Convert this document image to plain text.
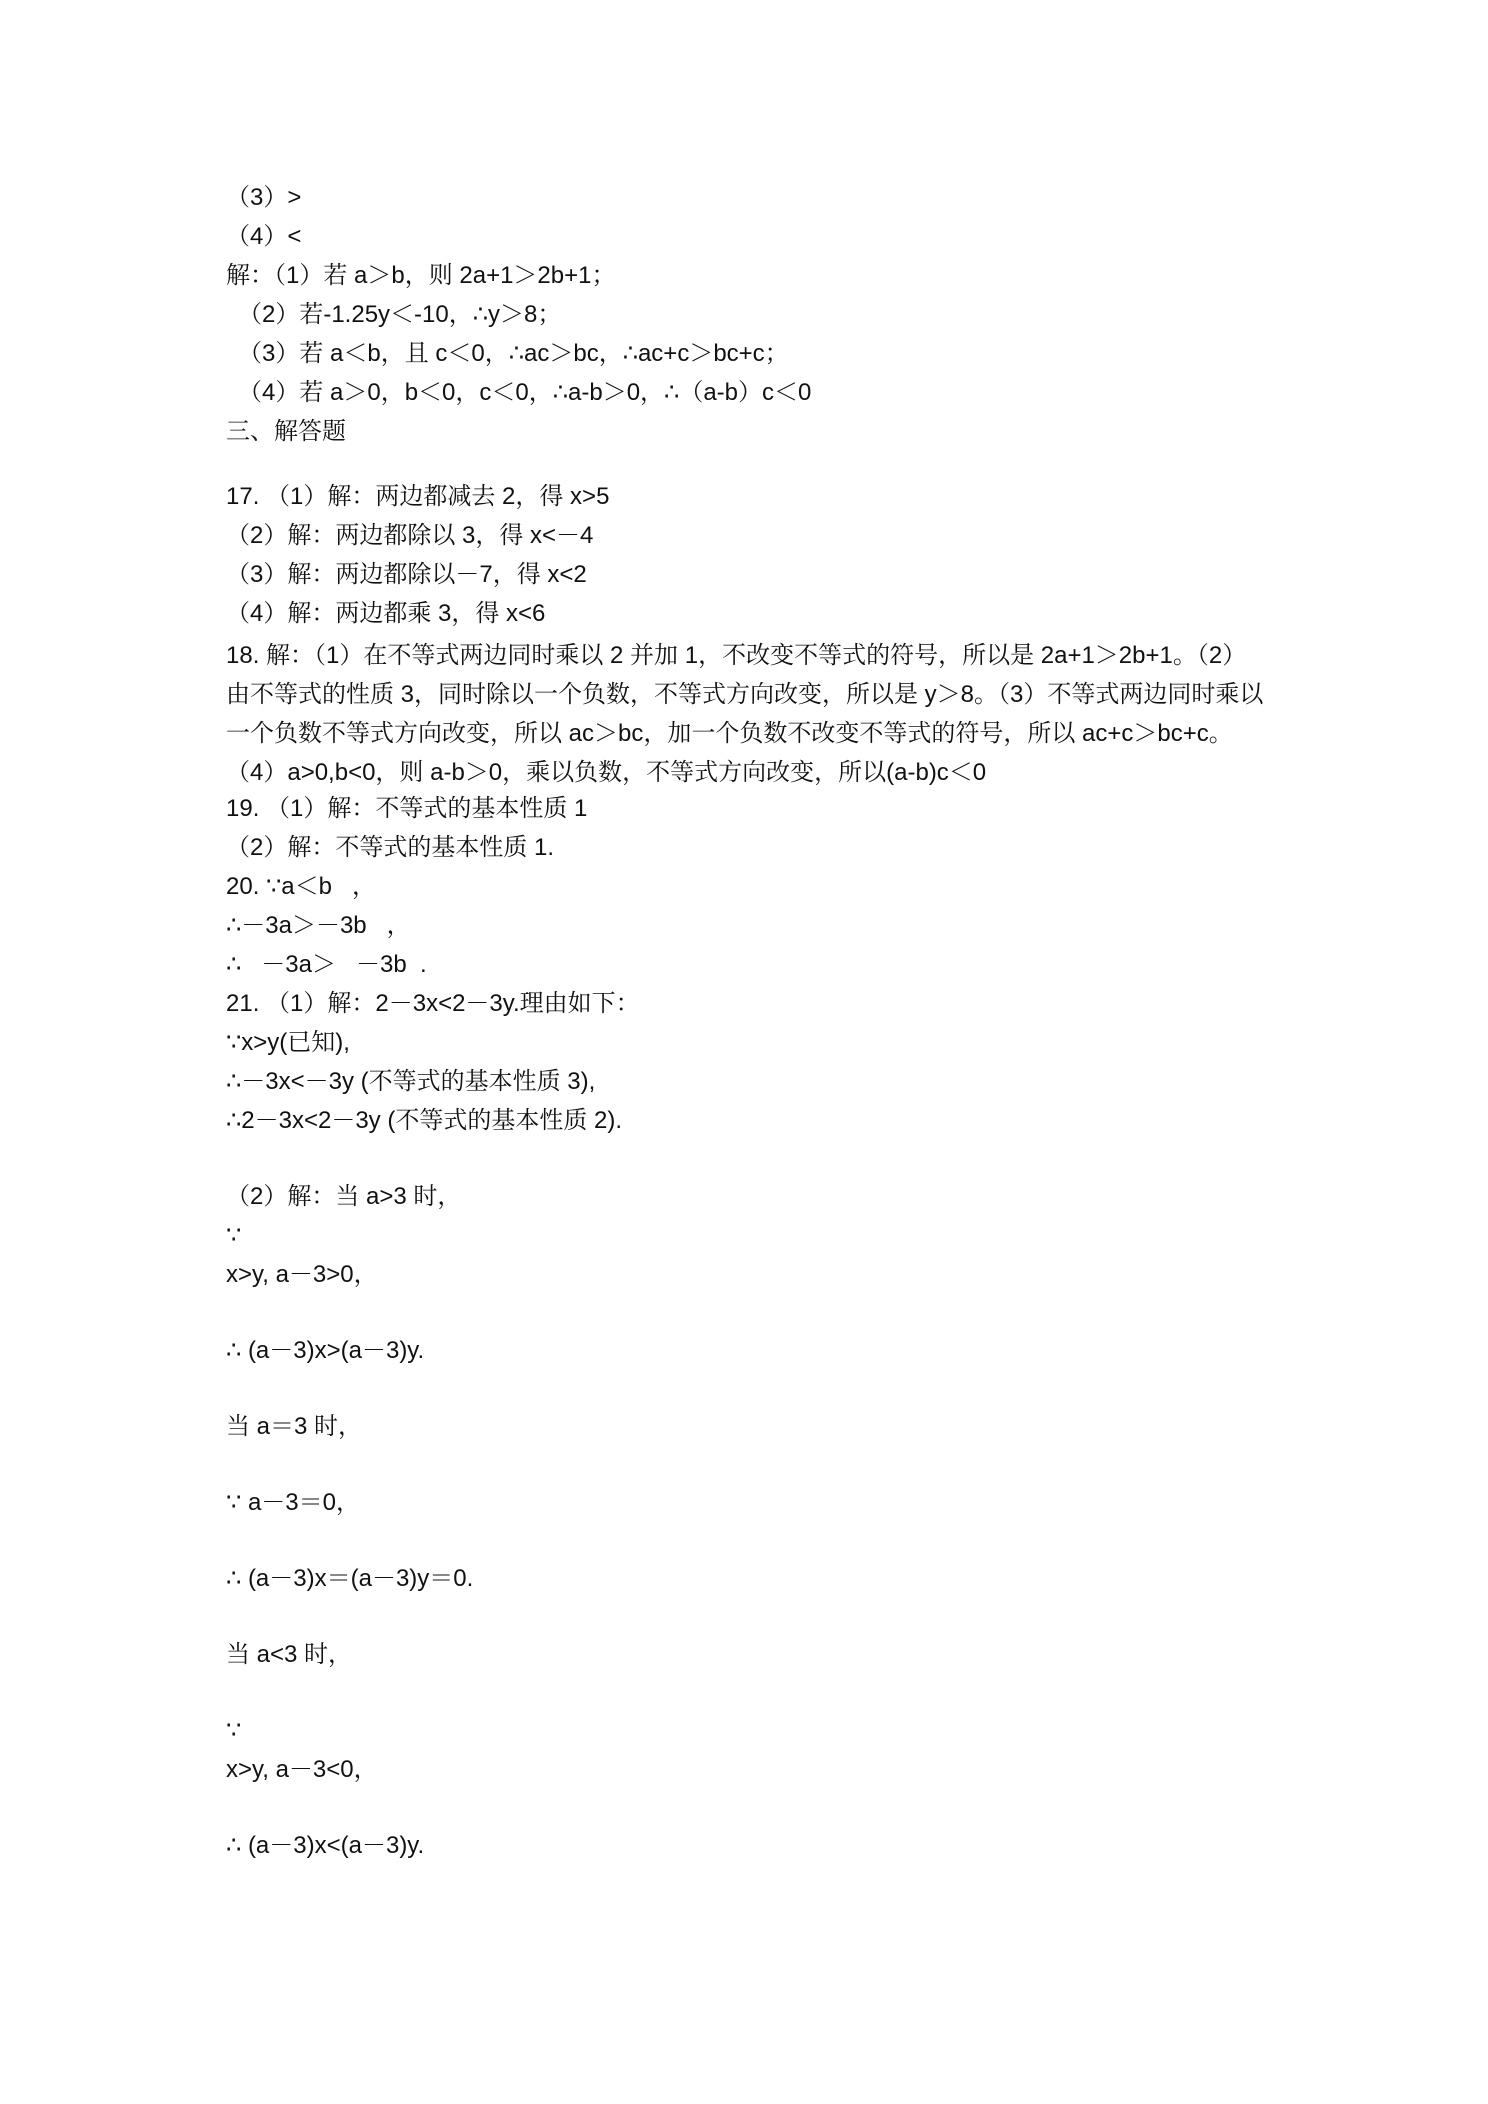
（3）>
（4）<
解：（1）若 a＞b，则 2a+1＞2b+1；
（2）若-1.25y＜-10，∴y＞8；
（3）若 a＜b，且 c＜0，∴ac＞bc，∴ac+c＞bc+c；
（4）若 a＞0，b＜0，c＜0，∴a-b＞0，∴（a-b）c＜0
三、解答题
17. （1）解：两边都减去 2，得 x>5
（2）解：两边都除以 3，得 x<－4
（3）解：两边都除以－7，得 x<2
（4）解：两边都乘 3，得 x<6
18. 解：（1）在不等式两边同时乘以 2 并加 1，不改变不等式的符号，所以是 2a+1＞2b+1。（2）由不等式的性质 3，同时除以一个负数，不等式方向改变，所以是 y＞8。（3）不等式两边同时乘以一个负数不等式方向改变，所以 ac＞bc，加一个负数不改变不等式的符号，所以 ac+c＞bc+c。（4）a>0,b<0，则 a-b＞0，乘以负数，不等式方向改变，所以(a-b)c＜0
19. （1）解：不等式的基本性质 1
（2）解：不等式的基本性质 1.
20. ∵a＜b   ，
∴－3a＞－3b   ，
∴   －3a＞   －3b  .
21. （1）解：2－3x<2－3y.理由如下：
∵x>y(已知),
∴－3x<－3y (不等式的基本性质 3),
∴2－3x<2－3y (不等式的基本性质 2).
（2）解：当 a>3 时，
∵
x>y, a－3>0，
∴ (a－3)x>(a－3)y.
当 a＝3 时，
∵ a－3＝0，
∴ (a－3)x＝(a－3)y＝0.
当 a<3 时，
∵
x>y, a－3<0，
∴ (a－3)x<(a－3)y.
